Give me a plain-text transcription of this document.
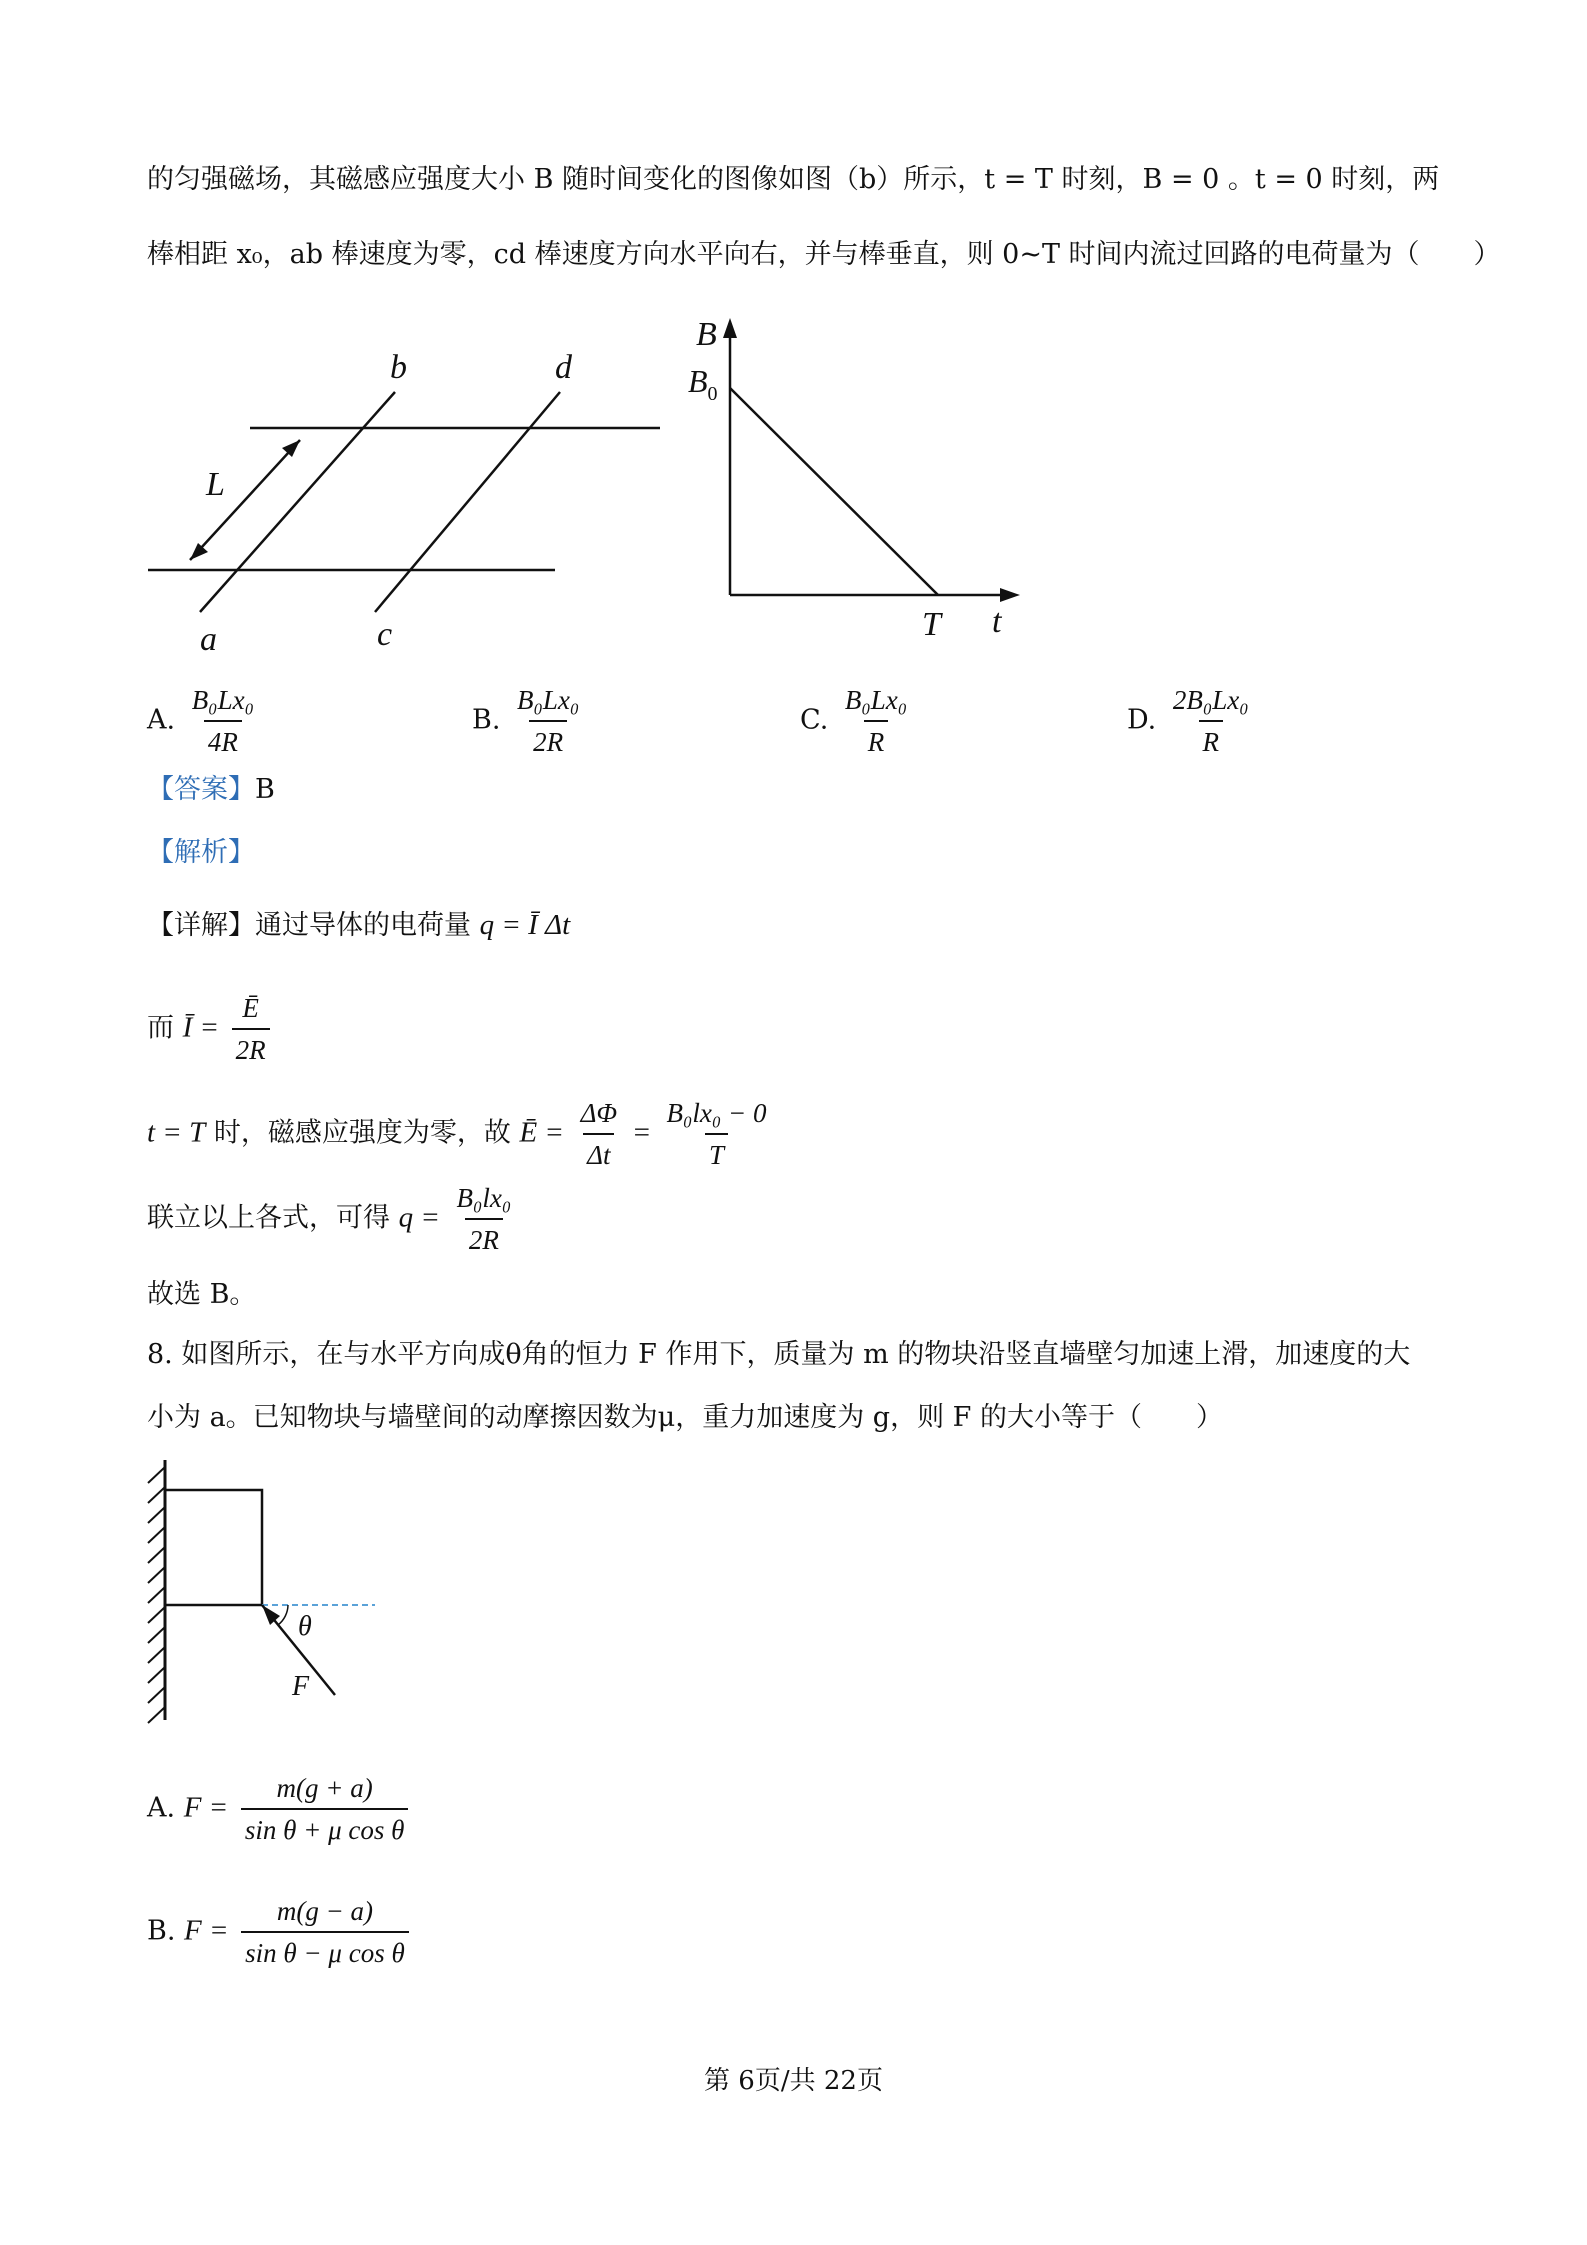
的匀强磁场，其磁感应强度大小 B 随时间变化的图像如图（b）所示，t = T 时刻，B = 0 。t = 0 时刻，两
棒相距 x₀，ab 棒速度为零，cd 棒速度方向水平向右，并与棒垂直，则 0~T 时间内流过回路的电荷量为（　　）
b	d
a	c
L
B
$B_0$
T t
A. $\frac{\text{B₀Lx₀}}{4R}$	B. $\frac{\text{B₀Lx₀}}{2R}$	C. $\frac{\text{B₀Lx₀}}{R}$	D. $\frac{\text{2B₀Lx₀}}{R}$
【答案】B
【解析】
【详解】通过导体的电荷量 q = Ī Δt
而 Ī = $\frac{Ē}{2R}$
t = T 时，磁感应强度为零，故 Ē = $\frac{\Delta\Phi}{\Delta t} = \frac{\text{B₀lx₀ − 0}}{T}$
联立以上各式，可得 $q = \frac{\text{B₀lx₀}}{2R}$
故选 B。
8. 如图所示，在与水平方向成θ角的恒力 F 作用下，质量为 m 的物块沿竖直墙壁匀加速上滑，加速度的大
小为 a。已知物块与墙壁间的动摩擦因数为μ，重力加速度为 g，则 F 的大小等于（　　）
θ
F
A. $F = \frac{m(g + a)}{\text{sin θ + μ cos θ}}$
B. $F = \frac{m(g - a)}{\text{sin θ − μ cos θ}}$
第 6页/共 22页
